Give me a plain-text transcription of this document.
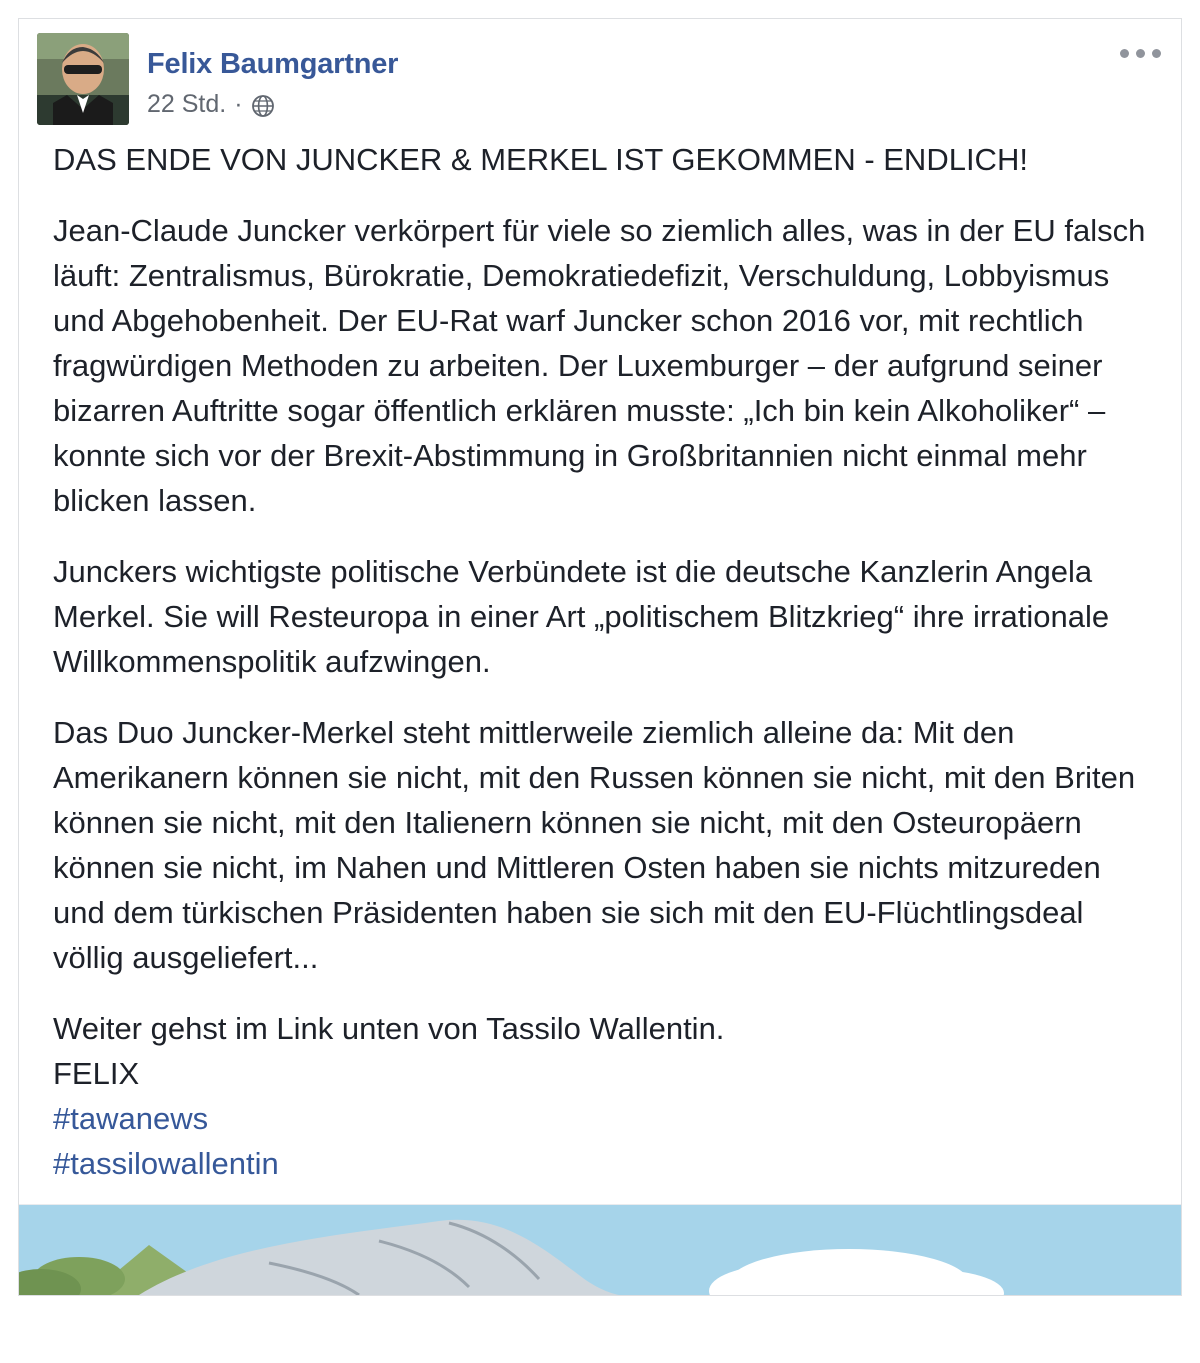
Felix Baumgartner
22 Std. ·

DAS ENDE VON JUNCKER & MERKEL IST GEKOMMEN - ENDLICH!

Jean-Claude Juncker verkörpert für viele so ziemlich alles, was in der EU falsch läuft: Zentralismus, Bürokratie, Demokratiedefizit, Verschuldung, Lobbyismus und Abgehobenheit. Der EU-Rat warf Juncker schon 2016 vor, mit rechtlich fragwürdigen Methoden zu arbeiten. Der Luxemburger – der aufgrund seiner bizarren Auftritte sogar öffentlich erklären musste: „Ich bin kein Alkoholiker“ – konnte sich vor der Brexit-Abstimmung in Großbritannien nicht einmal mehr blicken lassen.

Junckers wichtigste politische Verbündete ist die deutsche Kanzlerin Angela Merkel. Sie will Resteuropa in einer Art „politischem Blitzkrieg“ ihre irrationale Willkommenspolitik aufzwingen.

Das Duo Juncker-Merkel steht mittlerweile ziemlich alleine da: Mit den Amerikanern können sie nicht, mit den Russen können sie nicht, mit den Briten können sie nicht, mit den Italienern können sie nicht, mit den Osteuropäern können sie nicht, im Nahen und Mittleren Osten haben sie nichts mitzureden und dem türkischen Präsidenten haben sie sich mit den EU-Flüchtlingsdeal völlig ausgeliefert...

Weiter gehst im Link unten von Tassilo Wallentin.
FELIX
#tawanews
#tassilowallentin
